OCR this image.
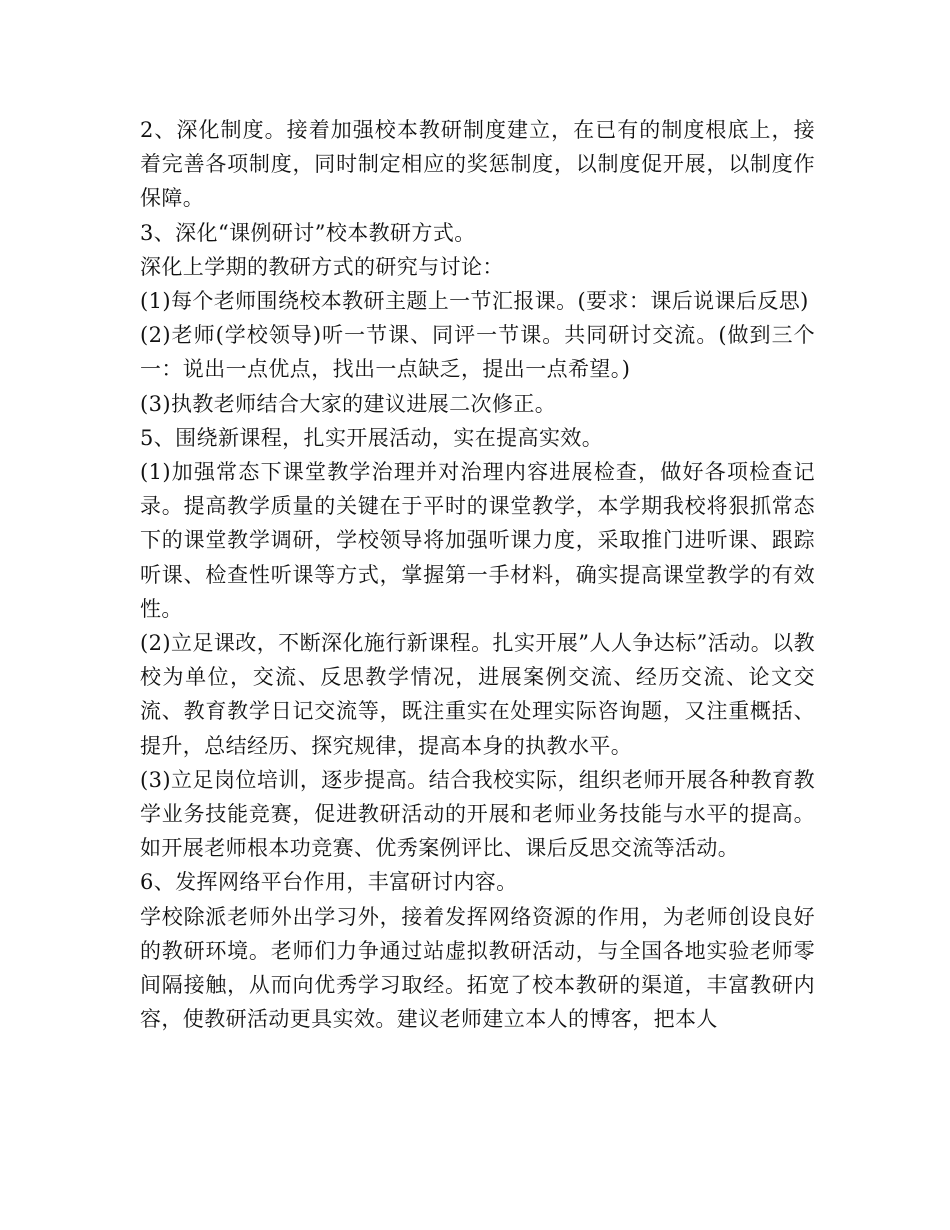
2、深化制度。接着加强校本教研制度建立，在已有的制度根底上，接着完善各项制度，同时制定相应的奖惩制度，以制度促开展，以制度作保障。

3、深化“课例研讨”校本教研方式。

深化上学期的教研方式的研究与讨论：

(1)每个老师围绕校本教研主题上一节汇报课。(要求：课后说课后反思)

(2)老师(学校领导)听一节课、同评一节课。共同研讨交流。(做到三个一：说出一点优点，找出一点缺乏，提出一点希望。)

(3)执教老师结合大家的建议进展二次修正。

5、围绕新课程，扎实开展活动，实在提高实效。

(1)加强常态下课堂教学治理并对治理内容进展检查，做好各项检查记录。提高教学质量的关键在于平时的课堂教学，本学期我校将狠抓常态下的课堂教学调研，学校领导将加强听课力度，采取推门进听课、跟踪听课、检查性听课等方式，掌握第一手材料，确实提高课堂教学的有效性。

(2)立足课改，不断深化施行新课程。扎实开展”人人争达标”活动。以教校为单位，交流、反思教学情况，进展案例交流、经历交流、论文交流、教育教学日记交流等，既注重实在处理实际咨询题，又注重概括、提升，总结经历、探究规律，提高本身的执教水平。

(3)立足岗位培训，逐步提高。结合我校实际，组织老师开展各种教育教学业务技能竞赛，促进教研活动的开展和老师业务技能与水平的提高。如开展老师根本功竞赛、优秀案例评比、课后反思交流等活动。

6、发挥网络平台作用，丰富研讨内容。

学校除派老师外出学习外，接着发挥网络资源的作用，为老师创设良好的教研环境。老师们力争通过站虚拟教研活动，与全国各地实验老师零间隔接触，从而向优秀学习取经。拓宽了校本教研的渠道，丰富教研内容，使教研活动更具实效。建议老师建立本人的博客，把本人
